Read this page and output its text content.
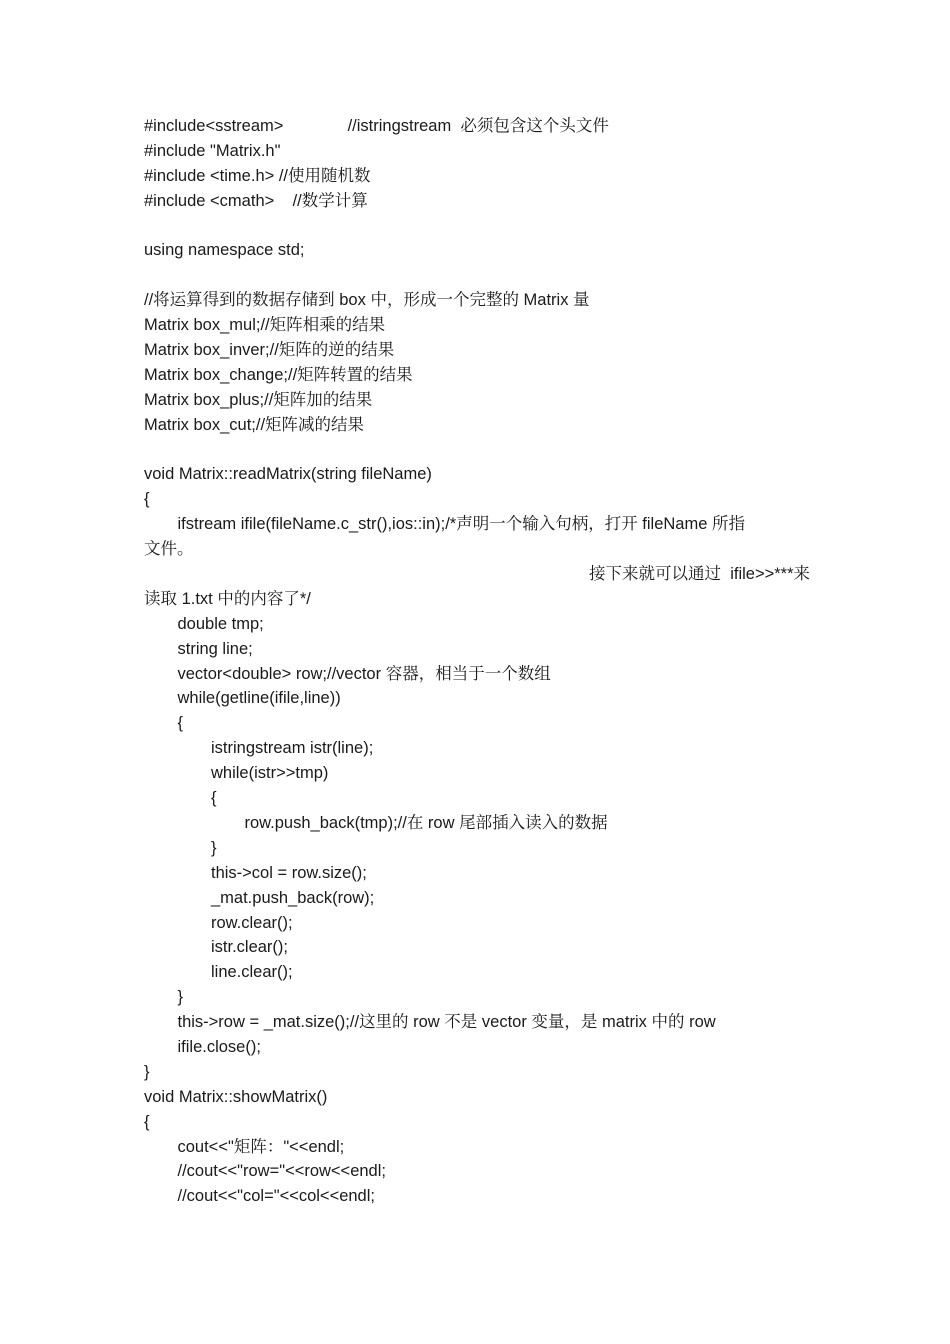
#include<sstream>              //istringstream  必须包含这个头文件
#include "Matrix.h"
#include <time.h> //使用随机数
#include <cmath>    //数学计算
using namespace std;
//将运算得到的数据存储到 box 中，形成一个完整的 Matrix 量
Matrix box_mul;//矩阵相乘的结果
Matrix box_inver;//矩阵的逆的结果
Matrix box_change;//矩阵转置的结果
Matrix box_plus;//矩阵加的结果
Matrix box_cut;//矩阵减的结果
void Matrix::readMatrix(string fileName)
{
ifstream ifile(fileName.c_str(),ios::in);/*声明一个输入句柄，打开 fileName 所指
文件。
接下来就可以通过  ifile>>***来
读取 1.txt 中的内容了*/
double tmp;
string line;
vector<double> row;//vector 容器，相当于一个数组
while(getline(ifile,line))
{
istringstream istr(line);
while(istr>>tmp)
{
row.push_back(tmp);//在 row 尾部插入读入的数据
}
this->col = row.size();
_mat.push_back(row);
row.clear();
istr.clear();
line.clear();
}
this->row = _mat.size();//这里的 row 不是 vector 变量，是 matrix 中的 row
ifile.close();
}
void Matrix::showMatrix()
{
cout<<"矩阵："<<endl;
//cout<<"row="<<row<<endl;
//cout<<"col="<<col<<endl;
